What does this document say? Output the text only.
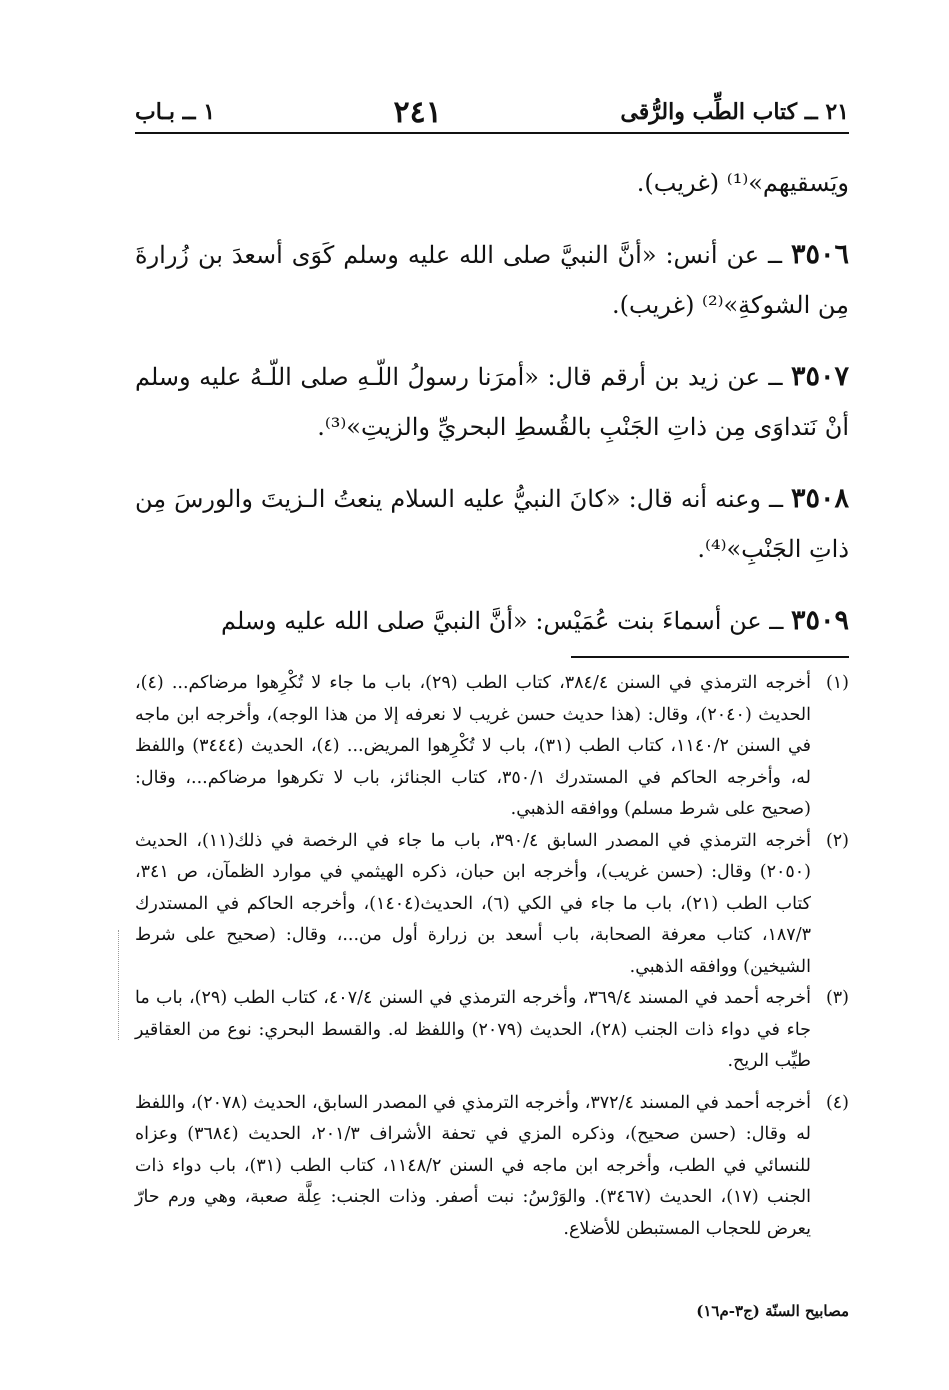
٢١ ــ كتاب الطِّب والرُّقى
٢٤١
١ ــ بـاب

ويَسقيهم»⁽¹⁾ (غريب).

٣٥٠٦ ــ عن أنس: «أنَّ النبيَّ صلى الله عليه وسلم كَوَى أسعدَ بن زُرارةَ مِن الشوكةِ»⁽²⁾ (غريب).

٣٥٠٧ ــ عن زيد بن أرقم قال: «أمرَنا رسولُ اللّـهِ صلى اللّـهُ عليه وسلم أنْ نَتداوَى مِن ذاتِ الجَنْبِ بالقُسطِ البحريِّ والزيتِ»⁽³⁾.

٣٥٠٨ ــ وعنه أنه قال: «كانَ النبيُّ عليه السلام ينعتُ الـزيتَ والورسَ مِن ذاتِ الجَنْبِ»⁽⁴⁾.

٣٥٠٩ ــ عن أسماءَ بنت عُمَيْس: «أنَّ النبيَّ صلى الله عليه وسلم

(١)
أخرجه الترمذي في السنن ٣٨٤/٤، كتاب الطب (٢٩)، باب ما جاء لا تُكْرِهوا مرضاكم... (٤)، الحديث (٢٠٤٠)، وقال: (هذا حديث حسن غريب لا نعرفه إلا من هذا الوجه)، وأخرجه ابن ماجه في السنن ١١٤٠/٢، كتاب الطب (٣١)، باب لا تُكْرِهوا المريض... (٤)، الحديث (٣٤٤٤) واللفظ له، وأخرجه الحاكم في المستدرك ٣٥٠/١، كتاب الجنائز، باب لا تكرهوا مرضاكم...، وقال: (صحيح على شرط مسلم) ووافقه الذهبي.
(٢)
أخرجه الترمذي في المصدر السابق ٣٩٠/٤، باب ما جاء في الرخصة في ذلك(١١)، الحديث (٢٠٥٠) وقال: (حسن غريب)، وأخرجه ابن حبان، ذكره الهيثمي في موارد الظمآن، ص ٣٤١، كتاب الطب (٢١)، باب ما جاء في الكي (٦)، الحديث(١٤٠٤)، وأخرجه الحاكم في المستدرك ١٨٧/٣، كتاب معرفة الصحابة، باب أسعد بن زرارة أول من...، وقال: (صحيح على شرط الشيخين) ووافقه الذهبي.
(٣)
أخرجه أحمد في المسند ٣٦٩/٤، وأخرجه الترمذي في السنن ٤٠٧/٤، كتاب الطب (٢٩)، باب ما جاء في دواء ذات الجنب (٢٨)، الحديث (٢٠٧٩) واللفظ له. والقسط البحري: نوع من العقاقير طيِّب الريح.
(٤)
أخرجه أحمد في المسند ٣٧٢/٤، وأخرجه الترمذي في المصدر السابق، الحديث (٢٠٧٨)، واللفظ له وقال: (حسن صحيح)، وذكره المزي في تحفة الأشراف ٢٠١/٣، الحديث (٣٦٨٤) وعزاه للنسائي في الطب، وأخرجه ابن ماجه في السنن ١١٤٨/٢، كتاب الطب (٣١)، باب دواء ذات الجنب (١٧)، الحديث (٣٤٦٧). والوَرْسُ: نبت أصفر. وذات الجنب: عِلَّة صعبة، وهي ورم حارّ يعرض للحجاب المستبطن للأضلاع.
مصابيح السنّة (ج٣-م١٦)
